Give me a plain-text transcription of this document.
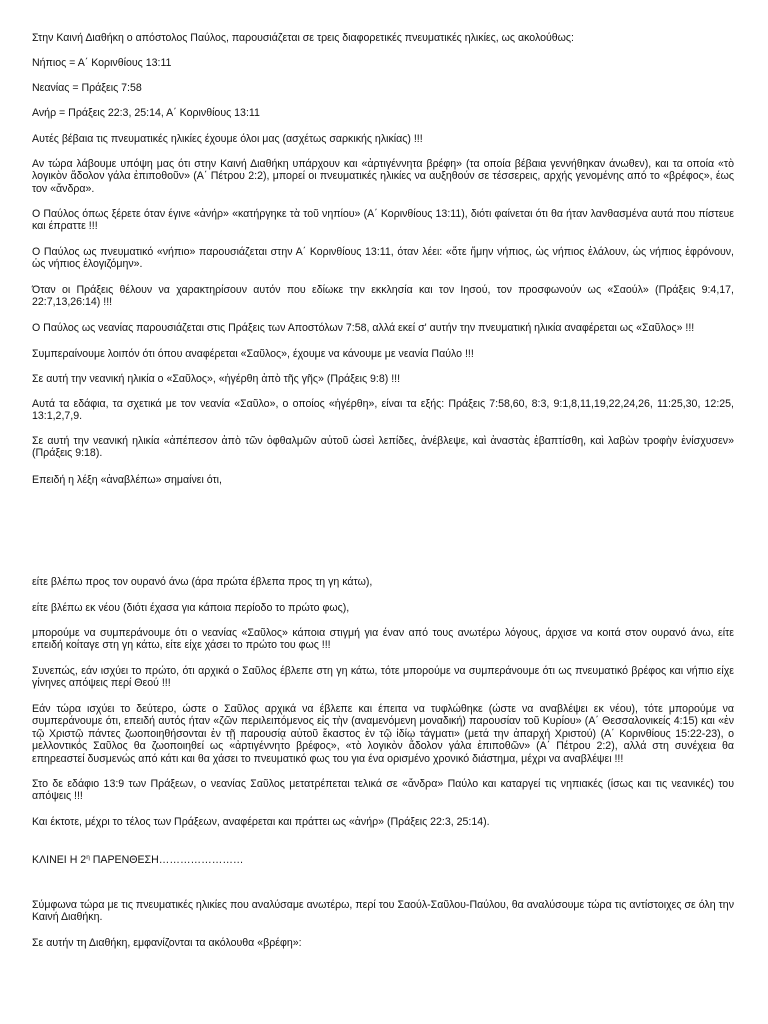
Στην Καινή Διαθήκη ο απόστολος Παύλος, παρουσιάζεται σε τρεις διαφορετικές πνευματικές ηλικίες, ως ακολούθως:

Νήπιος = Α΄ Κορινθίους 13:11

Νεανίας = Πράξεις 7:58

Ανήρ = Πράξεις 22:3, 25:14, Α΄ Κορινθίους 13:11

Αυτές βέβαια τις πνευματικές ηλικίες έχουμε όλοι μας (ασχέτως σαρκικής ηλικίας) !!!

Αν τώρα λάβουμε υπόψη μας ότι στην Καινή Διαθήκη υπάρχουν και «ἀρτιγέννητα βρέφη» (τα οποία βέβαια γεννήθηκαν άνωθεν), και τα οποία «τὸ λογικὸν ἄδολον γάλα ἐπιποθοῦν» (Α΄ Πέτρου 2:2), μπορεί οι πνευματικές ηλικίες να αυξηθούν σε τέσσερεις, αρχής γενομένης από το «βρέφος», έως τον «ἄνδρα».

Ο Παύλος όπως ξέρετε όταν έγινε «ἀνήρ» «κατήργηκε τὰ τοῦ νηπίου» (Α΄ Κορινθίους 13:11), διότι φαίνεται ότι θα ήταν λανθασμένα αυτά που πίστευε και έπραττε !!!

Ο Παύλος ως πνευματικό «νήπιο» παρουσιάζεται στην Α΄ Κορινθίους 13:11, όταν λέει: «ὅτε ἤμην νήπιος, ὡς νήπιος ἐλάλουν, ὡς νήπιος ἐφρόνουν, ὡς νήπιος ἐλογιζόμην».

Όταν οι Πράξεις θέλουν να χαρακτηρίσουν αυτόν που εδίωκε την εκκλησία και τον Ιησού, τον προσφωνούν ως «Σαούλ» (Πράξεις 9:4,17, 22:7,13,26:14) !!!

Ο Παύλος ως νεανίας παρουσιάζεται στις Πράξεις των Αποστόλων 7:58, αλλά εκεί σ' αυτήν την πνευματική ηλικία αναφέρεται ως «Σαῦλος» !!!

Συμπεραίνουμε λοιπόν ότι όπου αναφέρεται «Σαῦλος», έχουμε να κάνουμε με νεανία Παύλο !!!

Σε αυτή την νεανική ηλικία ο «Σαῦλος», «ἠγέρθη ἀπὸ τῆς γῆς» (Πράξεις 9:8) !!!

Αυτά τα εδάφια, τα σχετικά με τον νεανία «Σαῦλο», ο οποίος «ἠγέρθη», είναι τα εξής: Πράξεις 7:58,60, 8:3, 9:1,8,11,19,22,24,26, 11:25,30, 12:25, 13:1,2,7,9.

Σε αυτή την νεανική ηλικία «ἀπέπεσον ἀπὸ τῶν ὀφθαλμῶν αὐτοῦ ὡσεὶ λεπίδες, ἀνέβλεψε, καὶ ἀναστὰς ἐβαπτίσθη, καὶ λαβὼν τροφὴν ἐνίσχυσεν» (Πράξεις 9:18).

Επειδή η λέξη «ἀναβλέπω» σημαίνει ότι,

είτε βλέπω προς τον ουρανό άνω (άρα πρώτα έβλεπα προς τη γη κάτω),

είτε βλέπω εκ νέου (διότι έχασα για κάποια περίοδο το πρώτο φως),

μπορούμε να συμπεράνουμε ότι ο νεανίας «Σαῦλος» κάποια στιγμή για έναν από τους ανωτέρω λόγους, άρχισε να κοιτά στον ουρανό άνω, είτε επειδή κοίταγε στη γη κάτω, είτε είχε χάσει το πρώτο του φως !!!

Συνεπώς, εάν ισχύει το πρώτο, ότι αρχικά ο Σαῦλος έβλεπε στη γη κάτω, τότε μπορούμε να συμπεράνουμε ότι ως πνευματικό βρέφος και νήπιο είχε γίνηνες απόψεις περί Θεού !!!

Εάν τώρα ισχύει το δεύτερο, ώστε ο Σαῦλος αρχικά να έβλεπε και έπειτα να τυφλώθηκε (ώστε να αναβλέψει εκ νέου), τότε μπορούμε να συμπεράνουμε ότι, επειδή αυτός ήταν «ζῶν περιλειπόμενος εἰς τὴν (αναμενόμενη μοναδική) παρουσίαν τοῦ Κυρίου» (Α΄ Θεσσαλονικείς 4:15) και «ἐν τῷ Χριστῷ πάντες ζωοποιηθήσονται ἐν τῇ παρουσίᾳ αὐτοῦ ἕκαστος ἐν τῷ ἰδίῳ τάγματι» (μετά την ἀπαρχή Χριστού) (Α΄ Κορινθίους 15:22-23), ο μελλοντικός Σαῦλος θα ζωοποιηθεί ως «ἀρτιγέννητο βρέφος», «τὸ λογικὸν ἄδολον γάλα ἐπιποθῶν» (Α΄ Πέτρου 2:2), αλλά στη συνέχεια θα επηρεαστεί δυσμενώς από κάτι και θα χάσει το πνευματικό φως του για ένα ορισμένο χρονικό διάστημα, μέχρι να αναβλέψει !!!

Στο δε εδάφιο 13:9 των Πράξεων, ο νεανίας Σαῦλος μετατρέπεται τελικά σε «ἄνδρα» Παύλο και καταργεί τις νηπιακές (ίσως και τις νεανικές) του απόψεις !!!

Και έκτοτε, μέχρι το τέλος των Πράξεων, αναφέρεται και πράττει ως «ἀνήρ» (Πράξεις 22:3, 25:14).

ΚΛΙΝΕΙ Η $2^\eta$ ΠΑΡΕΝΘΕΣΗ……………………

Σύμφωνα τώρα με τις πνευματικές ηλικίες που αναλύσαμε ανωτέρω, περί του Σαούλ-Σαῦλου-Παύλου, θα αναλύσουμε τώρα τις αντίστοιχες σε όλη την Καινή Διαθήκη.

Σε αυτήν τη Διαθήκη, εμφανίζονται τα ακόλουθα «βρέφη»:
